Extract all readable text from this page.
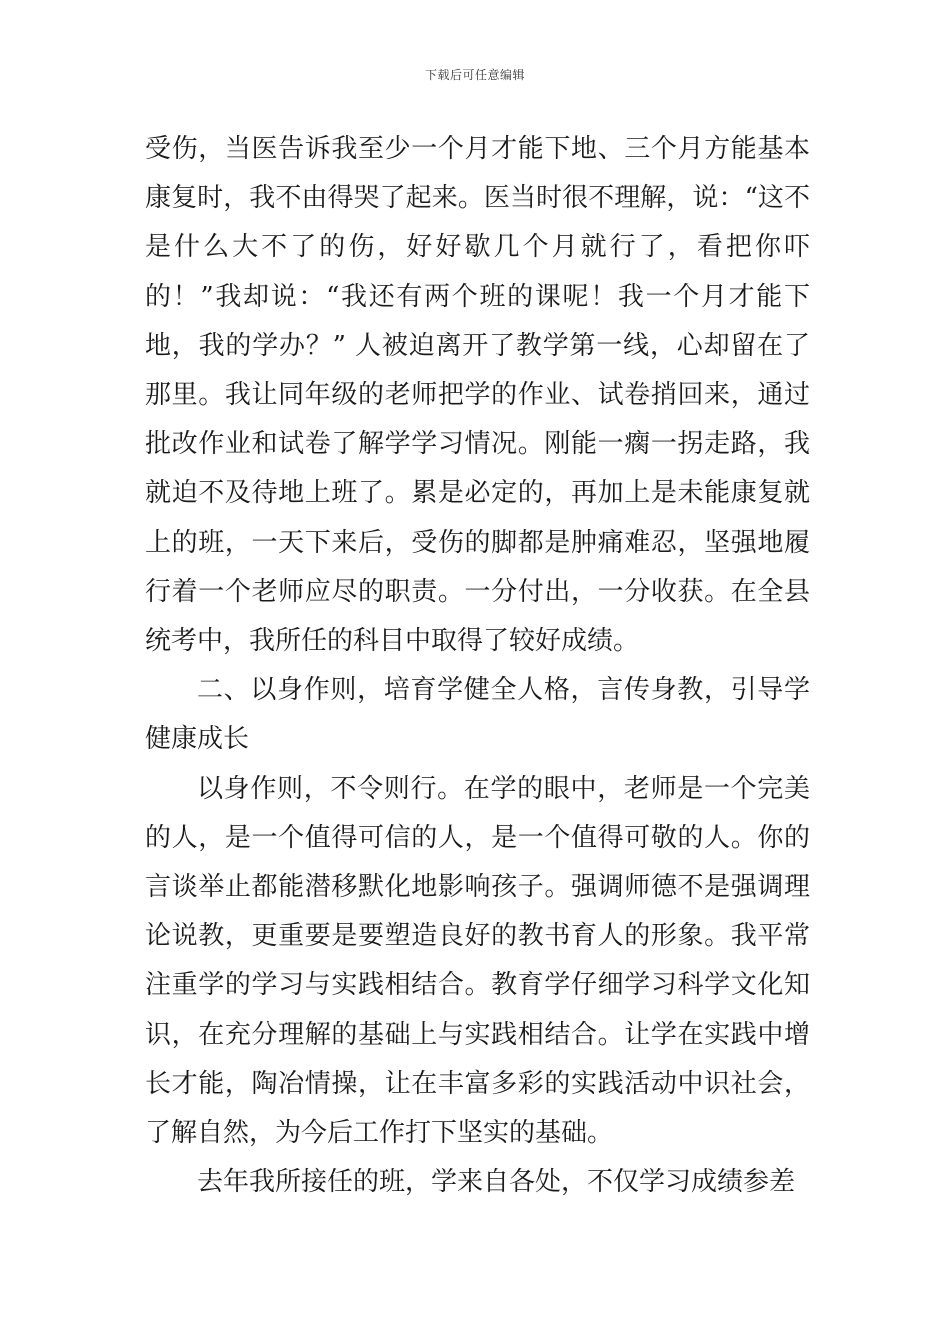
下载后可任意编辑

受伤，当医告诉我至少一个月才能下地、三个月方能基本康复时，我不由得哭了起来。医当时很不理解，说：“这不是什么大不了的伤，好好歇几个月就行了，看把你吓的！”我却说：“我还有两个班的课呢！我一个月才能下地，我的学办？” 人被迫离开了教学第一线，心却留在了那里。我让同年级的老师把学的作业、试卷捎回来，通过批改作业和试卷了解学学习情况。刚能一瘸一拐走路，我就迫不及待地上班了。累是必定的，再加上是未能康复就上的班，一天下来后，受伤的脚都是肿痛难忍，坚强地履行着一个老师应尽的职责。一分付出，一分收获。在全县统考中，我所任的科目中取得了较好成绩。

二、以身作则，培育学健全人格，言传身教，引导学健康成长

以身作则，不令则行。在学的眼中，老师是一个完美的人，是一个值得可信的人，是一个值得可敬的人。你的言谈举止都能潜移默化地影响孩子。强调师德不是强调理论说教，更重要是要塑造良好的教书育人的形象。我平常注重学的学习与实践相结合。教育学仔细学习科学文化知识，在充分理解的基础上与实践相结合。让学在实践中增长才能，陶冶情操，让在丰富多彩的实践活动中识社会，了解自然，为今后工作打下坚实的基础。

去年我所接任的班，学来自各处，不仅学习成绩参差
